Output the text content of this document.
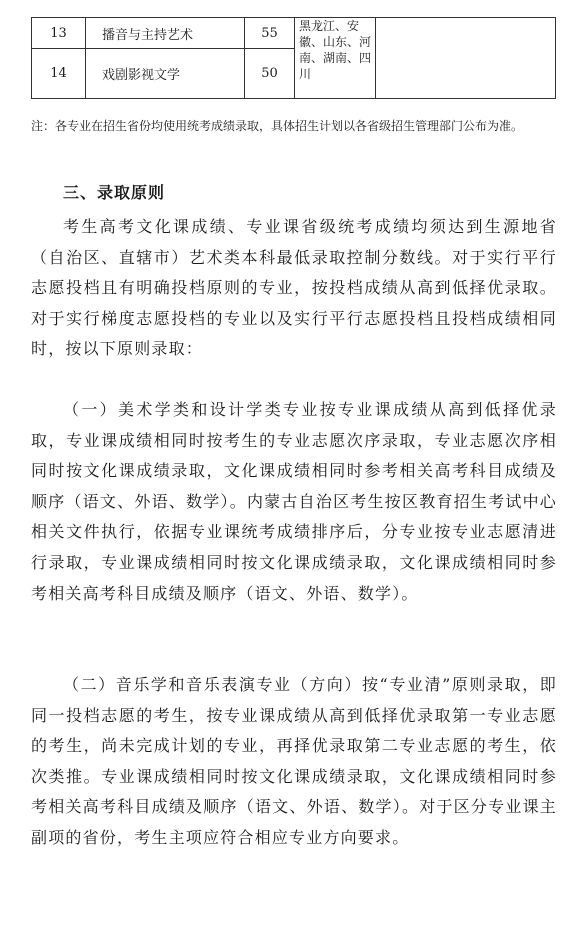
13	播音与主持艺术	55	黑龙江、安徽、山东、河南、湖南、四川	
14	戏剧影视文学	50		
注：各专业在招生省份均使用统考成绩录取，具体招生计划以各省级招生管理部门公布为准。
三、录取原则

考生高考文化课成绩、专业课省级统考成绩均须达到生源地省（自治区、直辖市）艺术类本科最低录取控制分数线。对于实行平行志愿投档且有明确投档原则的专业，按投档成绩从高到低择优录取。对于实行梯度志愿投档的专业以及实行平行志愿投档且投档成绩相同时，按以下原则录取：

（一）美术学类和设计学类专业按专业课成绩从高到低择优录取，专业课成绩相同时按考生的专业志愿次序录取，专业志愿次序相同时按文化课成绩录取，文化课成绩相同时参考相关高考科目成绩及顺序（语文、外语、数学）。内蒙古自治区考生按区教育招生考试中心相关文件执行，依据专业课统考成绩排序后，分专业按专业志愿清进行录取，专业课成绩相同时按文化课成绩录取，文化课成绩相同时参考相关高考科目成绩及顺序（语文、外语、数学）。

（二）音乐学和音乐表演专业（方向）按“专业清”原则录取，即同一投档志愿的考生，按专业课成绩从高到低择优录取第一专业志愿的考生，尚未完成计划的专业，再择优录取第二专业志愿的考生，依次类推。专业课成绩相同时按文化课成绩录取，文化课成绩相同时参考相关高考科目成绩及顺序（语文、外语、数学）。对于区分专业课主副项的省份，考生主项应符合相应专业方向要求。
